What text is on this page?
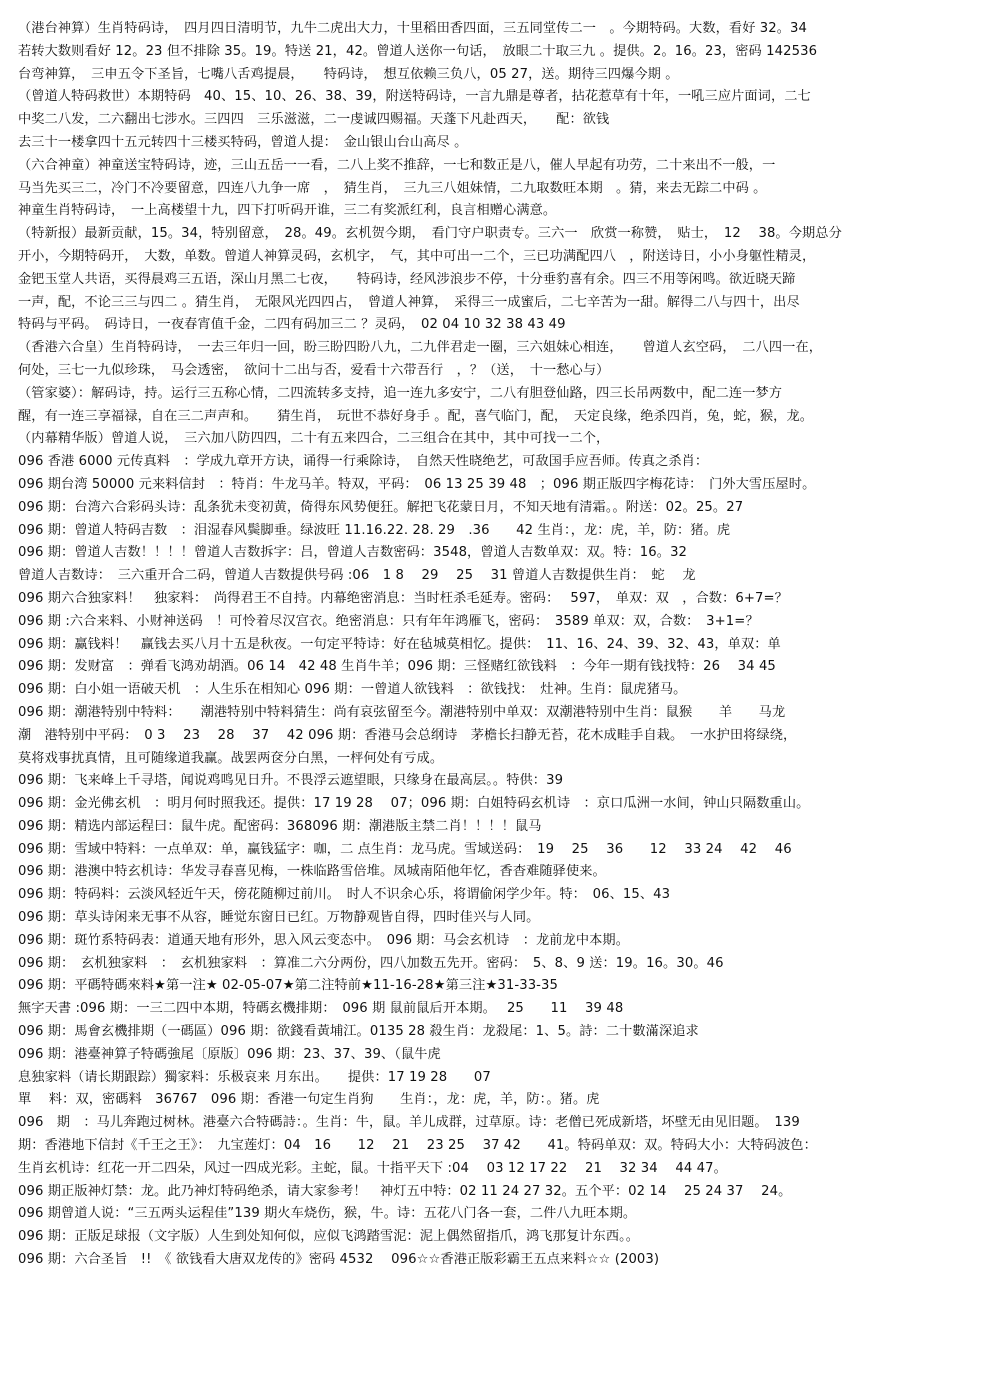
（港台神算）生肖特码诗，　四月四日清明节，九牛二虎出大力，十里稻田香四面，三五同堂传二一　。今期特码。大数，看好 32。34
若转大数则看好 12。23 但不排除 35。19。特送 21，42。曾道人送你一句话，　放眼二十取三九 。提供。2。16。23，密码 142536
台弯神算，　三申五令下圣旨，七嘴八舌鸡提晨，　　特码诗，　想互依赖三负八，05 27，送。期待三四爆今期 。
（曾道人特码救世）本期特码　40、15、10、26、38、39，附送特码诗，一言九鼎是尊者，拈花惹草有十年，一吼三应片面词，二七
中奖二八发，二六翻出七涉水。三四四　三乐滋滋，二一虔诚四赐福。天蓬下凡赴西天，　　配：欲钱
去三十一楼拿四十五元转四十三楼买特码，曾道人提：　金山银山台山高尽 。
（六合神童）神童送宝特码诗，迹，三山五岳一一看，二八上奖不推辞，一七和数正是八，催人早起有功劳，二十来出不一般，一
马当先买三二，冷门不冷要留意，四连八九争一席　，　猜生肖，　三九三八姐妹情，二九取数旺本期　。猜，来去无踪二中码 。
神童生肖特码诗，　一上高楼望十九，四下打听码开谁，三二有奖派红利，良言相赠心满意。
（特新报）最新贡献，15。34，特别留意，　28。49。玄机贺今期，　看门守户职责专。三六一　欣赏一称赞，　贴士，　12　 38。今期总分
开小，今期特码开，　大数，单数。曾道人神算灵码，玄机字，　气，其中可出一二个，三已功满配四八　，附送诗日，小小身躯性精灵，
金钯玉堂人共语，买得晨鸡三五语，深山月黑二七夜，　　特码诗，经风涉浪步不停，十分垂豹喜有余。四三不用等闲鸣。欲近晓天蹄
一声，配，不论三三与四二 。猜生肖，　无限风光四四占，　曾道人神算，　采得三一成蜜后，二七辛苦为一甜。解得二八与四十，出尽
特码与平码。　码诗日，一夜春宵值千金，二四有码加三二 ？灵码，　02 04 10 32 38 43 49
（香港六合皇）生肖特码诗，　一去三年归一回，盼三盼四盼八九，二九伴君走一圈，三六姐妹心相连，　　曾道人玄空码，　二八四一在，
何处，三七一九似珍珠，　马会透密，　欲问十二出与否，爱看十六带吾行　，？（送，　十一愁心与）
（管家婆）：解码诗，持。运行三五称心情，二四流转多支持，追一连九多安宁，二八有胆登仙路，四三长吊两数中，配二连一梦方
醒，有一连三享福禄，自在三二声声和。　　猜生肖，　玩世不恭好身手 。配，喜气临门，配，　天定良缘，绝杀四肖，兔，蛇，猴，龙。
（内幕精华版）曾道人说，　三六加八防四四，二十有五来四合，二三组合在其中，其中可找一二个，
096 香港 6000 元传真料　：学成九章开方诀，诵得一行乘除诗，　自然天性晓绝艺，可敌国手应吾师。传真之杀肖：
096 期台湾 50000 元来料信封　：特肖：牛龙马羊。特双，平码：　06 13 25 39 48　；096 期正版四字梅花诗：　门外大雪压屋时。
096 期：台湾六合彩码头诗：乱条犹未变初黄，倚得东风势便狂。解把飞花蒙日月，不知天地有清霜。。附送：02。25。27
096 期：曾道人特码吉数　：泪湿春风鬓脚垂。绿波旺 11.16.22. 28. 29　.36　　42 生肖：，龙：虎，羊，防：猪。虎
096 期：曾道人吉数！！！！曾道人吉数拆字：吕，曾道人吉数密码：3548，曾道人吉数单双：双。特：16。32
曾道人吉数诗：　三六重开合二码，曾道人吉数提供号码 :06　1 8　 29　 25　 31 曾道人吉数提供生肖：　蛇　 龙
096 期六合独家料！　独家料：　尚得君王不自持。内幕绝密消息：当时枉杀毛延寿。密码：　 597，　单双：双　，合数：6+7=？
096 期 :六合来料、小财神送码　！可怜着尽汉宫衣。绝密消息：只有年年鸿雁飞，密码：　3589 单双：双，合数：　3+1=？
096 期：赢钱料！　赢钱去买八月十五是秋夜。一句定平特诗：好在毡城莫相忆。提供：　11、16、24、39、32、43，单双：单
096 期：发财富　：弹看飞鸿劝胡酒。06 14　42 48 生肖牛羊；096 期：三怪赌红欲钱料　：今年一期有钱找特：26　 34 45
096 期：白小姐一语破天机　：人生乐在相知心 096 期：一曾道人欲钱料　：欲钱找：　灶神。生肖：鼠虎猪马。
096 期：潮港特别中特料：　　潮港特别中特料猜生：尚有哀弦留至今。潮港特别中单双：双潮港特别中生肖：鼠猴　　羊　　马龙
潮　港特别中平码：　0 3　 23　 28　 37　 42 096 期：香港马会总纲诗　茅檐长扫静无苔，花木成畦手自栽。　一水护田将绿绕，
莫将戏事扰真情，且可随缘道我赢。战罢两奁分白黑，一枰何处有亏成。
096 期：飞来峰上千寻塔，闻说鸡鸣见日升。不畏浮云遮望眼，只缘身在最高层。。特供：39
096 期：金光佛玄机　：明月何时照我还。提供：17 19 28　 07；096 期：白姐特码玄机诗　：京口瓜洲一水间，钟山只隔数重山。
096 期：精选内部运程曰：鼠牛虎。配密码：368096 期：潮港版主禁二肖！！！！鼠马
096 期：雪域中特料：一点单双：单，赢钱猛字：咖，二 点生肖：龙马虎。雪域送码：　19　 25　 36　　12　 33 24　 42　 46
096 期：港澳中特玄机诗：华发寻春喜见梅，一株临路雪倍堆。凤城南陌他年忆，香杳难随驿使来。
096 期：特码料：云淡风轻近午天，傍花随柳过前川。　时人不识余心乐，将谓偷闲学少年。特：　06、15、43
096 期：草头诗闲来无事不从容，睡觉东窗日已红。万物静观皆自得，四时佳兴与人同。
096 期：斑竹系特码表：道通天地有形外，思入风云变态中。　096 期：马会玄机诗　：龙前龙中本期。
096 期：　玄机独家料　：　玄机独家料　：算准二六分两份，四八加数五先开。密码：　5、8、9 送：19。16。30。46
096 期：平碼特碼來料★第一注★ 02-05-07★第二注特前★11-16-28★第三注★31-33-35
無字天書 :096 期：一三二四中本期，特碼玄機排期：　096 期 鼠前鼠后开本期。　 25　　11　 39 48
096 期：馬會玄機排期（一碼區）096 期：欲錢看黃埔江。0135 28 殺生肖：龙殺尾：1、5。詩：二十數滿深追求
096 期：港臺神算子特碼強尾〔原版〕096 期：23、37、39、（鼠牛虎
息独家料（请长期跟踪）獨家料：乐极哀来 月东出。　　提供：17 19 28　　07
單　 料：双，密碼料　36767　096 期：香港一句定生肖狗　　生肖：，龙：虎，羊，防：。猪。虎
096　期　：马儿奔跑过树林。港臺六合特碼詩：。生肖：牛，鼠。羊儿成群，过草原。诗：老僧已死成新塔，坏壁无由见旧题。　139
期：香港地下信封《千王之王》：　九宝莲灯：04　16　　12　 21　 23 25　 37 42　　41。特码单双：双。特码大小：大特码波色：
生肖玄机诗：红花一开二四朵，风过一四成光彩。主蛇，鼠。十指平天下 :04　 03 12 17 22　 21　 32 34　 44 47。
096 期正版神灯禁：龙。此乃神灯特码绝杀，请大家参考！　神灯五中特：02 11 24 27 32。五个平：02 14　 25 24 37　 24。
096 期曾道人说：“三五两头运程佳”139 期火车烧伤，猴，牛。诗：五花八门各一套，二件八九旺本期。
096 期：正版足球报（文字版）人生到处知何似，应似飞鸿踏雪泥：泥上偶然留指爪，鸿飞那复计东西。。
096 期：六合圣旨　!!　《 欲钱看大唐双龙传的》密码 4532　 096☆☆香港正版彩霸王五点来料☆☆ (2003)
